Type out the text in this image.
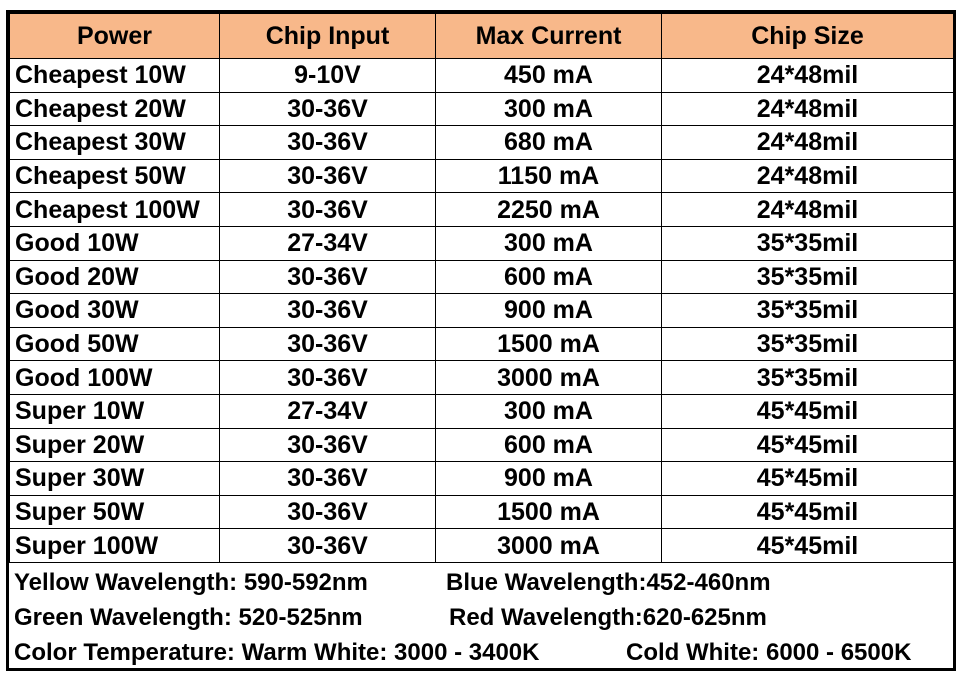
Power	Chip Input	Max Current	Chip Size
Cheapest 10W	9-10V	450 mA	24*48mil
Cheapest 20W	30-36V	300 mA	24*48mil
Cheapest 30W	30-36V	680 mA	24*48mil
Cheapest 50W	30-36V	1150 mA	24*48mil
Cheapest 100W	30-36V	2250 mA	24*48mil
Good 10W	27-34V	300 mA	35*35mil
Good 20W	30-36V	600 mA	35*35mil
Good 30W	30-36V	900 mA	35*35mil
Good 50W	30-36V	1500 mA	35*35mil
Good 100W	30-36V	3000 mA	35*35mil
Super 10W	27-34V	300 mA	45*45mil
Super 20W	30-36V	600 mA	45*45mil
Super 30W	30-36V	900 mA	45*45mil
Super 50W	30-36V	1500 mA	45*45mil
Super 100W	30-36V	3000 mA	45*45mil
Yellow Wavelength: 590-592nm	Blue Wavelength:452-460nm
Green Wavelength: 520-525nm	Red Wavelength:620-625nm
Color Temperature: Warm White: 3000 - 3400K	Cold White: 6000 - 6500K
